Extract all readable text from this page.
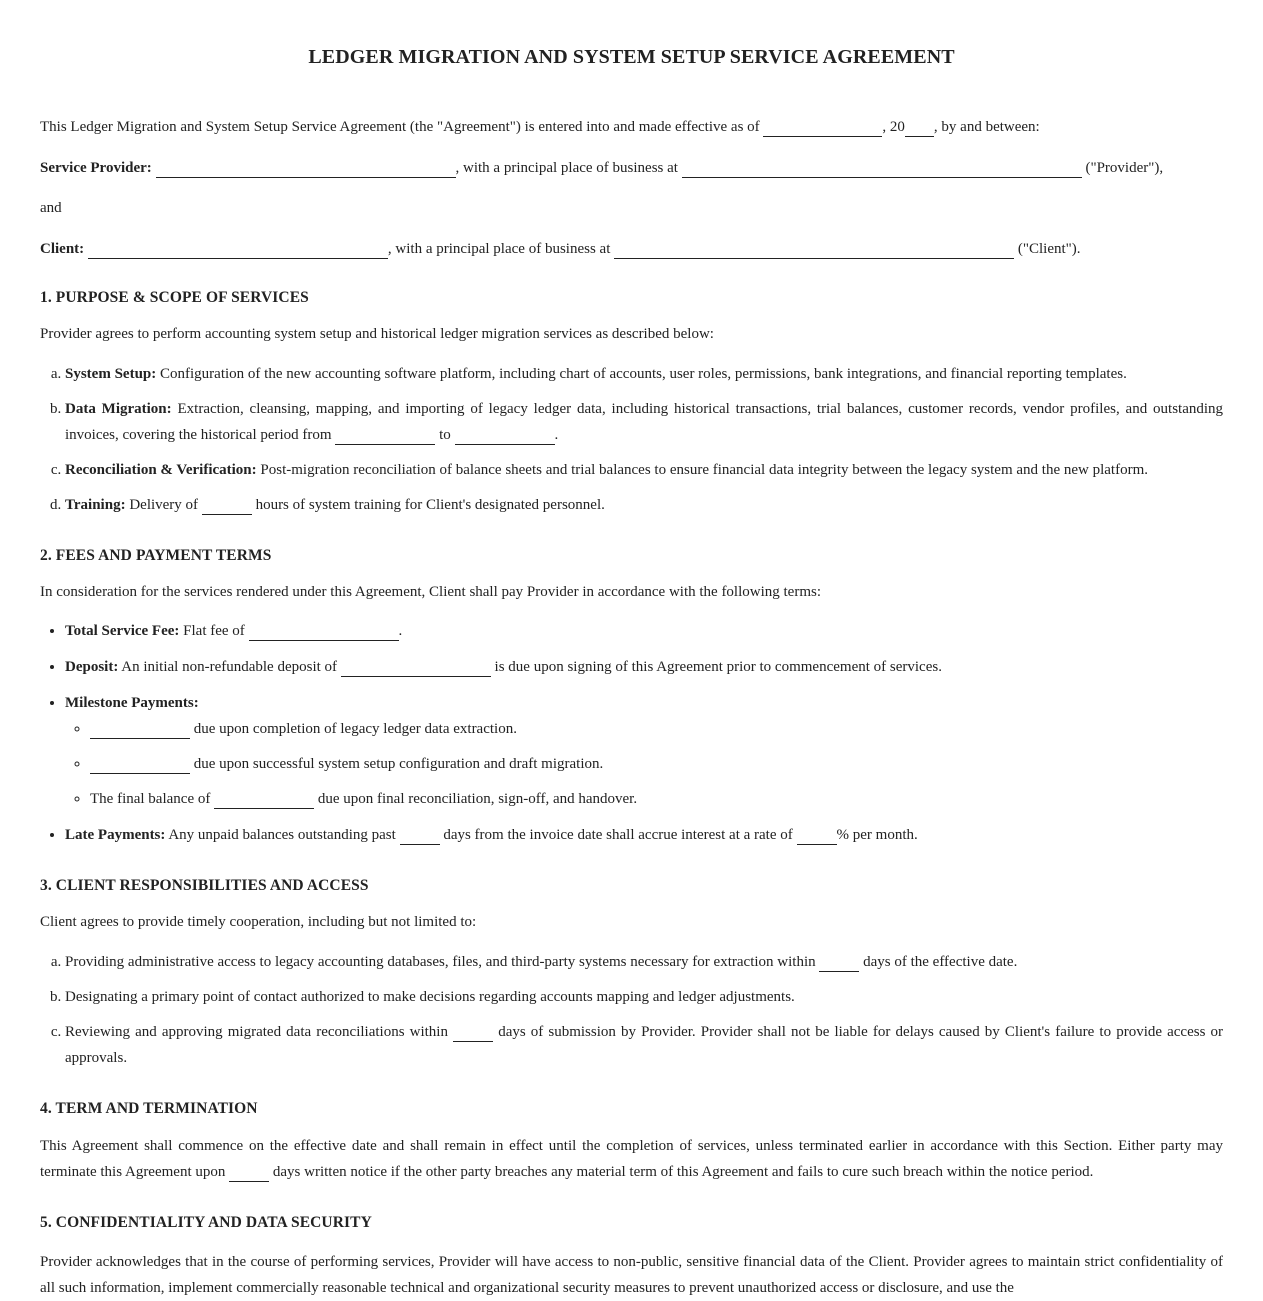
LEDGER MIGRATION AND SYSTEM SETUP SERVICE AGREEMENT

This Ledger Migration and System Setup Service Agreement (the "Agreement") is entered into and made effective as of	, 20 , by and between:

Service Provider:	, with a principal place of business at	("Provider"),

and

Client:	, with a principal place of business at	("Client").

1. PURPOSE & SCOPE OF SERVICES

Provider agrees to perform accounting system setup and historical ledger migration services as described below:

a. System Setup: Configuration of the new accounting software platform, including chart of accounts, user roles, permissions, bank integrations, and financial reporting templates.
b. Data Migration: Extraction, cleansing, mapping, and importing of legacy ledger data, including historical transactions, trial balances, customer records, vendor profiles, and outstanding invoices, covering the historical period from	to	.
c. Reconciliation & Verification: Post-migration reconciliation of balance sheets and trial balances to ensure financial data integrity between the legacy system and the new platform.
d. Training: Delivery of	hours of system training for Client's designated personnel.
2. FEES AND PAYMENT TERMS

In consideration for the services rendered under this Agreement, Client shall pay Provider in accordance with the following terms:

• Total Service Fee: Flat fee of	.
• Deposit: An initial non-refundable deposit of	is due upon signing of this Agreement prior to commencement of services.
• Milestone Payments:
◦ due upon completion of legacy ledger data extraction.
◦ due upon successful system setup configuration and draft migration.
◦ The final balance of	due upon final reconciliation, sign-off, and handover.
• Late Payments: Any unpaid balances outstanding past	days from the invoice date shall accrue interest at a rate of	% per month.
3. CLIENT RESPONSIBILITIES AND ACCESS

Client agrees to provide timely cooperation, including but not limited to:

a. Providing administrative access to legacy accounting databases, files, and third-party systems necessary for extraction within	days of the effective date.
b. Designating a primary point of contact authorized to make decisions regarding accounts mapping and ledger adjustments.
c. Reviewing and approving migrated data reconciliations within	days of submission by Provider. Provider shall not be liable for delays caused by Client's failure to provide access or approvals.
4. TERM AND TERMINATION

This Agreement shall commence on the effective date and shall remain in effect until the completion of services, unless terminated earlier in accordance with this Section. Either party may terminate this Agreement upon	days written notice if the other party breaches any material term of this Agreement and fails to cure such breach within the notice period.

5. CONFIDENTIALITY AND DATA SECURITY

Provider acknowledges that in the course of performing services, Provider will have access to non-public, sensitive financial data of the Client. Provider agrees to maintain strict confidentiality of all such information, implement commercially reasonable technical and organizational security measures to prevent unauthorized access or disclosure, and use the
